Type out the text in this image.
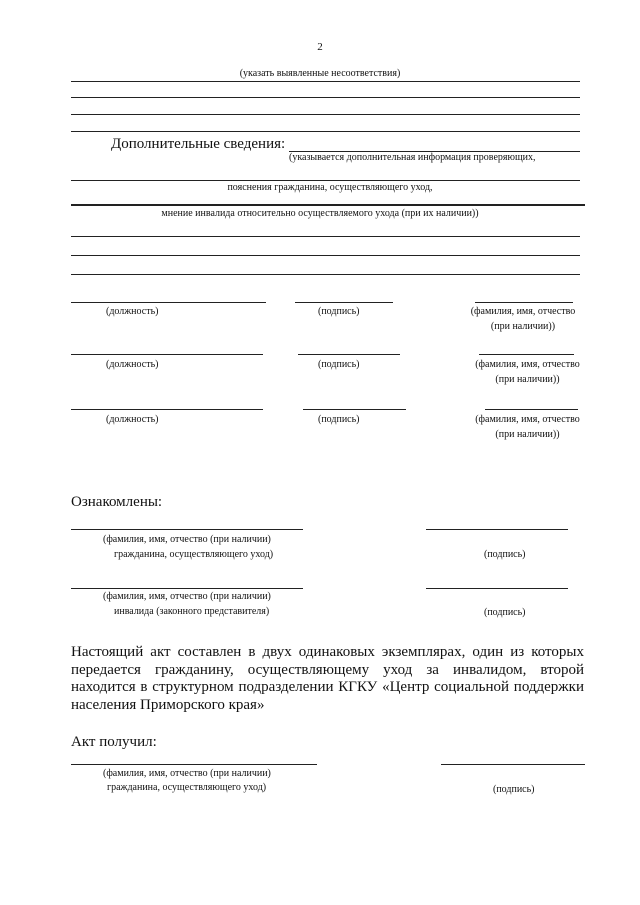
2
(указать выявленные несоответствия)
Дополнительные сведения:
(указывается дополнительная информация проверяющих,
пояснения гражданина, осуществляющего уход,
мнение инвалида относительно осуществляемого ухода (при их наличии))
(должность)	(подпись)	(фамилия, имя, отчество
(при наличии))
(должность)	(подпись)	(фамилия, имя, отчество
(при наличии))
(должность)	(подпись)	(фамилия, имя, отчество
(при наличии))
Ознакомлены:
(фамилия, имя, отчество (при наличии)
гражданина, осуществляющего уход)	(подпись)
(фамилия, имя, отчество (при наличии)
инвалида (законного представителя)	(подпись)
Настоящий акт составлен в двух одинаковых экземплярах, один из которых передается гражданину, осуществляющему уход за инвалидом, второй находится в структурном подразделении КГКУ «Центр социальной поддержки населения Приморского края»
Акт получил:
(фамилия, имя, отчество (при наличии)
гражданина, осуществляющего уход)	(подпись)
